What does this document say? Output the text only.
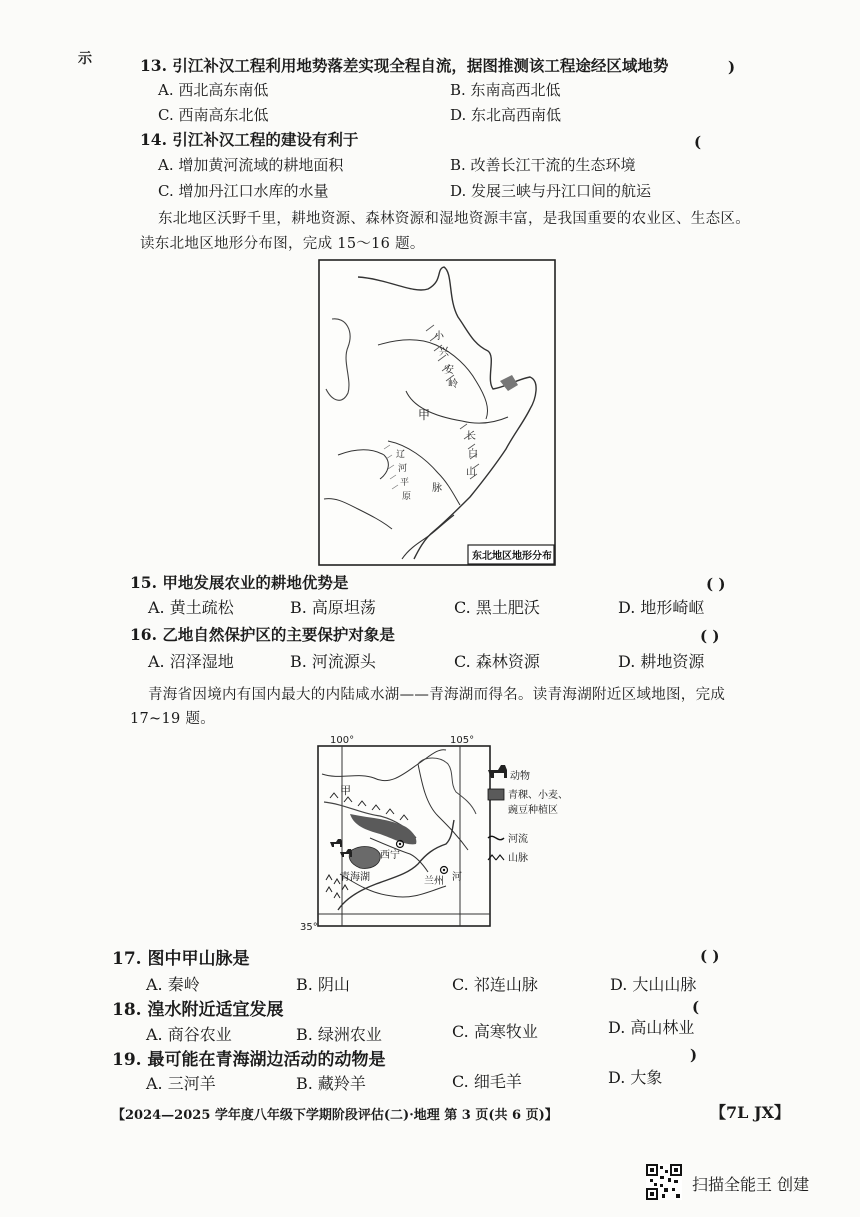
示	13. 引江补汉工程利用地势落差实现全程自流，据图推测该工程途经区域地势	)
A. 西北高东南低	B. 东南高西北低
C. 西南高东北低	D. 东北高西南低
14. 引江补汉工程的建设有利于	(
A. 增加黄河流域的耕地面积	B. 改善长江干流的生态环境
C. 增加丹江口水库的水量	D. 发展三峡与丹江口间的航运
东北地区沃野千里，耕地资源、森林资源和湿地资源丰富，是我国重要的农业区、生态区。
读东北地区地形分布图，完成 15～16 题。
小
兴
安
岭
甲
长
白
山
脉
辽
河
平
原
东北地区地形分布
15. 甲地发展农业的耕地优势是	( )
A. 黄土疏松	B. 高原坦荡	C. 黑土肥沃	D. 地形崎岖
16. 乙地自然保护区的主要保护对象是	( )
A. 沼泽湿地	B. 河流源头	C. 森林资源	D. 耕地资源
青海省因境内有国内最大的内陆咸水湖——青海湖而得名。读青海湖附近区域地图，完成
17~19 题。
100°	105°
35°
甲
西宁
青海湖	兰州 河
动物
青稞、小麦、
豌豆种植区
河流
山脉
17. 图中甲山脉是	( )
A. 秦岭	B. 阴山	C. 祁连山脉	D. 大山山脉
18. 湟水附近适宜发展	(
A. 商谷农业	B. 绿洲农业	C. 高寒牧业	D. 高山林业
19. 最可能在青海湖边活动的动物是	)
A. 三河羊	B. 藏羚羊	C. 细毛羊	D. 大象
【2024—2025 学年度八年级下学期阶段评估(二)·地理 第 3 页(共 6 页)】	【7L JX】
扫描全能王 创建
